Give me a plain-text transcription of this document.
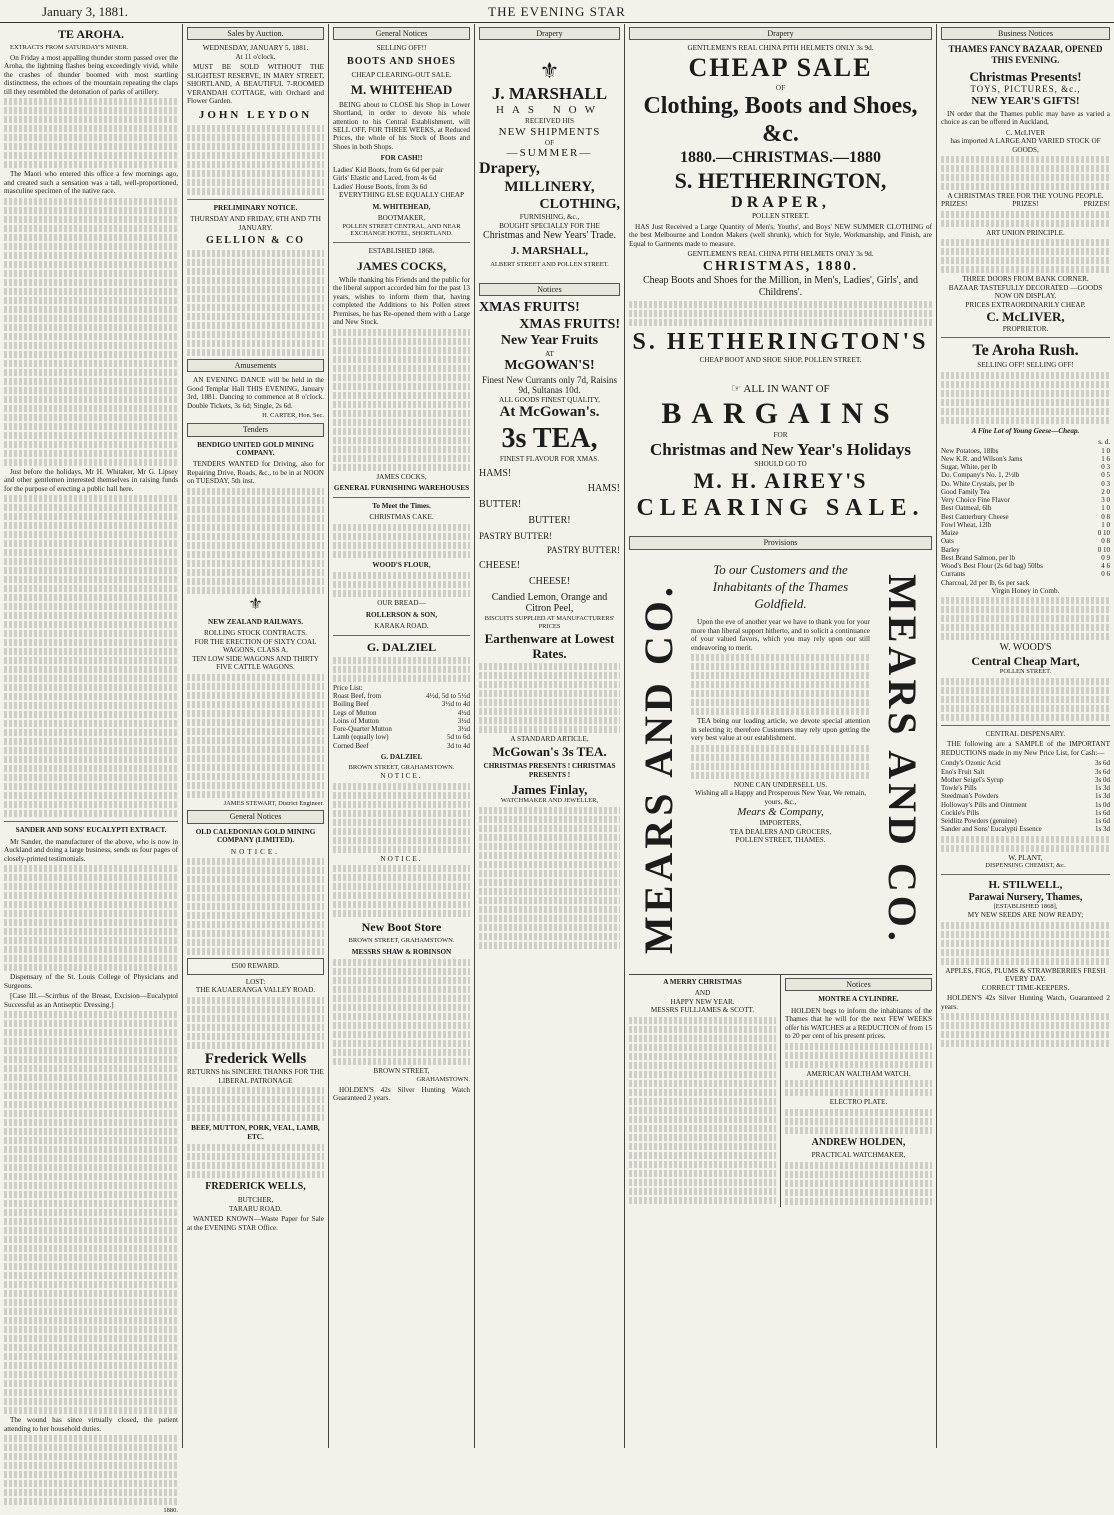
January 3, 1881.	THE EVENING STAR
TE AROHA.
EXTRACTS FROM SATURDAY'S MINER.
On Friday a most appalling thunder storm passed over the Aroha, the lightning flashes being exceedingly vivid, while the crashes of thunder boomed with most startling distinctness, the echoes of the mountain repeating the claps till they resembled the detonation of parks of artillery.
The Maori who entered this office a few mornings ago, and created such a sensation was a tall, well-proportioned, masculine specimen of the native race.
Just before the holidays, Mr H. Whitaker, Mr G. Lipsey and other gentlemen interested themselves in raising funds for the purpose of erecting a public hall here.
SANDER AND SONS' EUCALYPTI EXTRACT.
Mr Sander, the manufacturer of the above, who is now in Auckland and doing a large business, sends us four pages of closely-printed testimonials.
Dispensary of the St. Louis College of Physicians and Surgeons.
[Case III.—Scirrhus of the Breast, Excision—Eucalyptol Successful as an Antiseptic Dressing.]
The wound has since virtually closed, the patient attending to her household duties.
1880.
Sales by Auction.
WEDNESDAY, JANUARY 5, 1881.
At 11 o'clock.
MUST BE SOLD WITHOUT THE SLIGHTEST RESERVE, IN MARY STREET, SHORTLAND, A BEAUTIFUL 7-ROOMED VERANDAH COTTAGE, with Orchard and Flower Garden.
JOHN LEYDON
PRELIMINARY NOTICE.
THURSDAY AND FRIDAY, 6TH AND 7TH JANUARY.
GELLION & CO
Amusements
AN EVENING DANCE will be held in the Good Templar Hall THIS EVENING, January 3rd, 1881. Dancing to commence at 8 o'clock. Double Tickets, 3s 6d; Single, 2s 6d.
H. CARTER, Hon. Sec.
Tenders
BENDIGO UNITED GOLD MINING COMPANY.
TENDERS WANTED for Driving, also for Repairing Drive, Roads, &c., to be in at NOON on TUESDAY, 5th inst.
⚜
NEW ZEALAND RAILWAYS.
ROLLING STOCK CONTRACTS.
FOR THE ERECTION OF SIXTY COAL WAGONS, CLASS A.
TEN LOW SIDE WAGONS AND THIRTY FIVE CATTLE WAGONS.
JAMES STEWART, District Engineer.
General Notices
OLD CALEDONIAN GOLD MINING COMPANY (LIMITED).
NOTICE.
£500 REWARD.
LOST:
THE KAUAERANGA VALLEY ROAD.
Frederick Wells
RETURNS his SINCERE THANKS FOR THE LIBERAL PATRONAGE
BEEF, MUTTON, PORK, VEAL, LAMB, ETC.
FREDERICK WELLS,
BUTCHER,
TARARU ROAD.
WANTED KNOWN—Waste Paper for Sale at the EVENING STAR Office.
General Notices
SELLING OFF!!
BOOTS AND SHOES
CHEAP CLEARING-OUT SALE.
M. WHITEHEAD
BEING about to CLOSE his Shop in Lower Shortland, in order to devote his whole attention to his Central Establishment, will SELL OFF, FOR THREE WEEKS, at Reduced Prices, the whole of his Stock of Boots and Shoes in both Shops.
FOR CASH!!
Ladies' Kid Boots, from 6s 6d per pair
Girls' Elastic and Laced, from 4s 6d
Ladies' House Boots, from 3s 6d
EVERYTHING ELSE EQUALLY CHEAP
M. WHITEHEAD,
BOOTMAKER,
POLLEN STREET CENTRAL, AND NEAR EXCHANGE HOTEL, SHORTLAND.
ESTABLISHED 1868.
JAMES COCKS,
While thanking his Friends and the public for the liberal support accorded him for the past 13 years, wishes to inform them that, having completed the Additions to his Pollen street Premises, he has Re-opened them with a Large and New Stock.
JAMES COCKS,
GENERAL FURNISHING WAREHOUSES
To Meet the Times.
CHRISTMAS CAKE.
WOOD'S FLOUR,
OUR BREAD—
ROLLERSON & SON,
KARAKA ROAD.
G. DALZIEL
Price List:
Roast Beef, from	4½d, 5d to 5½d
Boiling Beef	3½d to 4d
Legs of Mutton	4½d
Loins of Mutton	3½d
Fore-Quarter Mutton	3½d
Lamb (equally low)	5d to 6d
Corned Beef	3d to 4d
G. DALZIEL
BROWN STREET, GRAHAMSTOWN.
NOTICE.
NOTICE.
New Boot Store
BROWN STREET, GRAHAMSTOWN.
MESSRS SHAW & ROBINSON
BROWN STREET,
GRAHAMSTOWN.
HOLDEN'S 42s Silver Hunting Watch Guaranteed 2 years.
Drapery
⚜
J. MARSHALL
HAS NOW
RECEIVED HIS
NEW SHIPMENTS
OF
—SUMMER—
Drapery,
MILLINERY,
CLOTHING,
FURNISHING, &c.,
BOUGHT SPECIALLY FOR THE
Christmas and New Years' Trade.
J. MARSHALL,
ALBERT STREET AND POLLEN STREET.
Notices
XMAS FRUITS!
XMAS FRUITS!
New Year Fruits
AT
McGOWAN'S!
Finest New Currants only 7d, Raisins 9d, Sultanas 10d.
ALL GOODS FINEST QUALITY,
At McGowan's.
3s TEA,
FINEST FLAVOUR FOR XMAS.
HAMS!
HAMS!
BUTTER!
BUTTER!
PASTRY BUTTER!
PASTRY BUTTER!
CHEESE!
CHEESE!
Candied Lemon, Orange and Citron Peel,
BISCUITS SUPPLIED AT MANUFACTURERS' PRICES
Earthenware at Lowest Rates.
A STANDARD ARTICLE,
McGowan's 3s TEA.
CHRISTMAS PRESENTS ! CHRISTMAS PRESENTS !
James Finlay,
WATCHMAKER AND JEWELLER,
Drapery
GENTLEMEN'S REAL CHINA PITH HELMETS ONLY 3s 9d.
CHEAP SALE
OF
Clothing, Boots and Shoes, &c.
1880.—CHRISTMAS.—1880
S. HETHERINGTON,
DRAPER,
POLLEN STREET.
HAS Just Received a Large Quantity of Men's, Youths', and Boys' NEW SUMMER CLOTHING of the best Melbourne and London Makers (well shrunk), which for Style, Workmanship, and Finish, are Equal to Garments made to measure.
GENTLEMEN'S REAL CHINA PITH HELMETS ONLY 3s 9d.
CHRISTMAS, 1880.
Cheap Boots and Shoes for the Million, in Men's, Ladies', Girls', and Childrens'.
S. HETHERINGTON'S
CHEAP BOOT AND SHOE SHOP, POLLEN STREET.
☞ ALL IN WANT OF
BARGAINS
FOR
Christmas and New Year's Holidays
SHOULD GO TO
M. H. AIREY'S
CLEARING SALE.
Provisions
MEARS AND CO.	MEARS AND CO.
To our Customers and the Inhabitants of the Thames Goldfield.
Upon the eve of another year we have to thank you for your more than liberal support hitherto, and to solicit a continuance of your valued favors, which you may rely upon our still endeavoring to merit.
TEA being our leading article, we devote special attention in selecting it; therefore Customers may rely upon getting the very best value at our establishment.
NONE CAN UNDERSELL US.
Wishing all a Happy and Prosperous New Year, We remain, yours, &c.,
Mears & Company,
IMPORTERS,
TEA DEALERS AND GROCERS,
POLLEN STREET, THAMES.
A MERRY CHRISTMAS
AND
HAPPY NEW YEAR.
MESSRS FULLJAMES & SCOTT.
Notices
MONTRE A CYLINDRE.
HOLDEN begs to inform the inhabitants of the Thames that he will for the next FEW WEEKS offer his WATCHES at a REDUCTION of from 15 to 20 per cent of his present prices.
AMERICAN WALTHAM WATCH.
ELECTRO PLATE.
ANDREW HOLDEN,
PRACTICAL WATCHMAKER,
Business Notices
THAMES FANCY BAZAAR, OPENED THIS EVENING.
Christmas Presents!
TOYS, PICTURES, &c.,
NEW YEAR'S GIFTS!
IN order that the Thames public may have as varied a choice as can be offered in Auckland,
C. McLIVER
has imported A LARGE AND VARIED STOCK OF GOODS,
A CHRISTMAS TREE FOR THE YOUNG PEOPLE.
PRIZES!	PRIZES!	PRIZES!
ART UNION PRINCIPLE.
THREE DOORS FROM BANK CORNER.
BAZAAR TASTEFULLY DECORATED —GOODS NOW ON DISPLAY.
PRICES EXTRAORDINARILY CHEAP.
C. McLIVER,
PROPRIETOR.
Te Aroha Rush.
SELLING OFF! SELLING OFF!
A Fine Lot of Young Geese—Cheap.
s. d.
New Potatoes, 18lbs	1 0
New K.R. and Wilson's Jams	1 6
Sugar, White, per lb	0 3
Do. Company's No. 1, 2½lb	0 5
Do. White Crystals, per lb	0 3
Good Family Tea	2 0
Very Choice Fine Flavor	3 0
Best Oatmeal, 6lb	1 0
Best Canterbury Cheese	0 8
Fowl Wheat, 12lb	1 0
Maize	0 10
Oats	0 8
Barley	0 10
Best Brand Salmon, per lb	0 9
Wood's Best Flour (2s 6d bag) 50lbs	4 6
Currants	0 6
Charcoal, 2d per lb, 6s per sack
Virgin Honey in Comb.
W. WOOD'S
Central Cheap Mart,
POLLEN STREET.
CENTRAL DISPENSARY.
THE following are a SAMPLE of the IMPORTANT REDUCTIONS made in my New Price List, for Cash:—
Condy's Ozonic Acid	3s 6d
Eno's Fruit Salt	3s 6d
Mother Seigel's Syrup	3s 0d
Towle's Pills	1s 3d
Steedman's Powders	1s 3d
Holloway's Pills and Ointment	1s 0d
Cockle's Pills	1s 6d
Seidlitz Powders (genuine)	1s 6d
Sander and Sons' Eucalypti Essence	1s 3d
W. PLANT,
DISPENSING CHEMIST, &c.
H. STILWELL,
Parawai Nursery, Thames,
[ESTABLISHED 1868],
MY NEW SEEDS ARE NOW READY;
APPLES, FIGS, PLUMS & STRAWBERRIES FRESH EVERY DAY.
CORRECT TIME-KEEPERS.
HOLDEN'S 42s Silver Hunting Watch, Guaranteed 2 years.
